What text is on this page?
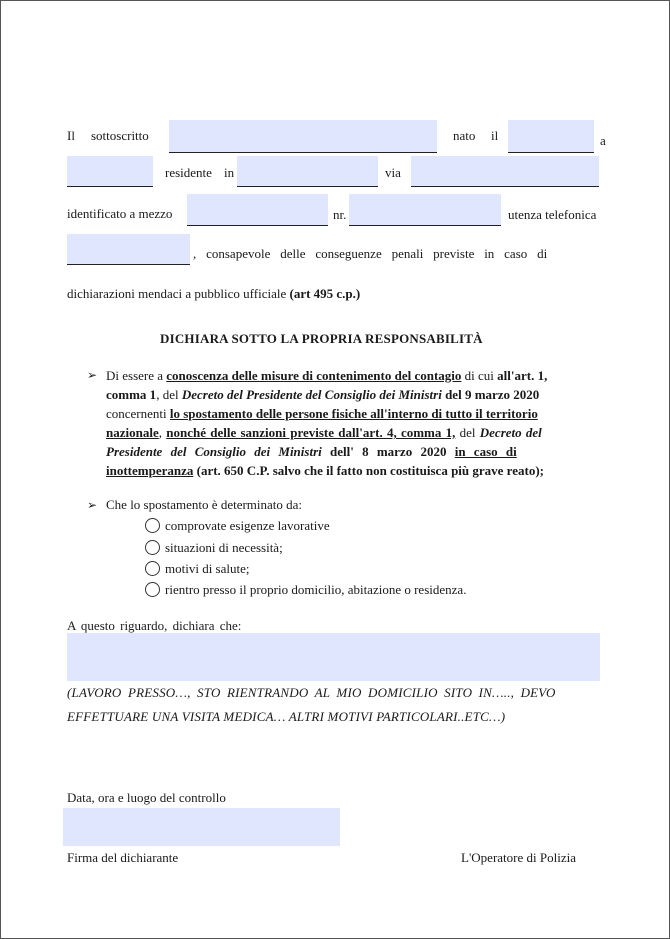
Il sottoscritto	nato il	a
residente in	via
identificato a mezzo	nr.	utenza telefonica
, consapevole delle conseguenze penali previste in caso di
dichiarazioni mendaci a pubblico ufficiale (art 495 c.p.)
DICHIARA SOTTO LA PROPRIA RESPONSABILITÀ
➢ Di essere a conoscenza delle misure di contenimento del contagio di cui all'art. 1,
comma 1, del Decreto del Presidente del Consiglio dei Ministri del 9 marzo 2020
concernenti lo spostamento delle persone fisiche all'interno di tutto il territorio
nazionale, nonché delle sanzioni previste dall'art. 4, comma 1, del Decreto del
Presidente del Consiglio dei Ministri dell' 8 marzo 2020 in caso di
inottemperanza (art. 650 C.P. salvo che il fatto non costituisca più grave reato);
➢ Che lo spostamento è determinato da:
comprovate esigenze lavorative
situazioni di necessità;
motivi di salute;
rientro presso il proprio domicilio, abitazione o residenza.
A questo riguardo, dichiara che:
(LAVORO PRESSO…, STO RIENTRANDO AL MIO DOMICILIO SITO IN….., DEVO
EFFETTUARE UNA VISITA MEDICA… ALTRI MOTIVI PARTICOLARI..ETC…)
Data, ora e luogo del controllo
Firma del dichiarante	L'Operatore di Polizia
